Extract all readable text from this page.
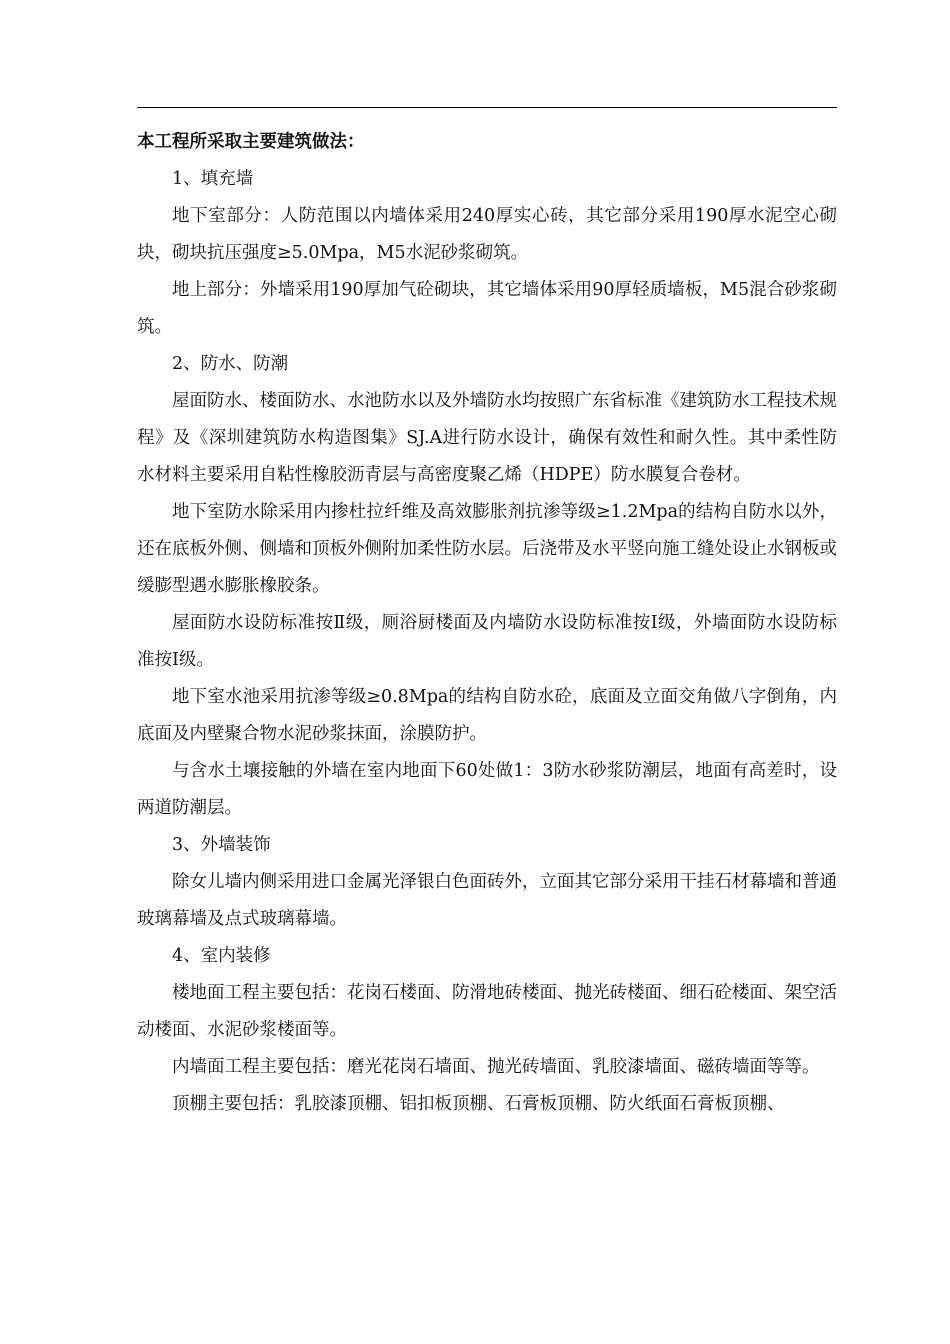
本工程所采取主要建筑做法：

1、填充墙

地下室部分：人防范围以内墙体采用240厚实心砖，其它部分采用190厚水泥空心砌块，砌块抗压强度≥5.0Mpa，M5水泥砂浆砌筑。

地上部分：外墙采用190厚加气砼砌块，其它墙体采用90厚轻质墙板，M5混合砂浆砌筑。

2、防水、防潮

屋面防水、楼面防水、水池防水以及外墙防水均按照广东省标准《建筑防水工程技术规程》及《深圳建筑防水构造图集》SJ.A进行防水设计，确保有效性和耐久性。其中柔性防水材料主要采用自粘性橡胶沥青层与高密度聚乙烯（HDPE）防水膜复合卷材。

地下室防水除采用内掺杜拉纤维及高效膨胀剂抗渗等级≥1.2Mpa的结构自防水以外，还在底板外侧、侧墙和顶板外侧附加柔性防水层。后浇带及水平竖向施工缝处设止水钢板或缓膨型遇水膨胀橡胶条。

屋面防水设防标准按Ⅱ级，厕浴厨楼面及内墙防水设防标准按Ⅰ级，外墙面防水设防标准按Ⅰ级。

地下室水池采用抗渗等级≥0.8Mpa的结构自防水砼，底面及立面交角做八字倒角，内底面及内壁聚合物水泥砂浆抹面，涂膜防护。

与含水土壤接触的外墙在室内地面下60处做1：3防水砂浆防潮层，地面有高差时，设两道防潮层。

3、外墙装饰

除女儿墙内侧采用进口金属光泽银白色面砖外，立面其它部分采用干挂石材幕墙和普通玻璃幕墙及点式玻璃幕墙。

4、室内装修

楼地面工程主要包括：花岗石楼面、防滑地砖楼面、抛光砖楼面、细石砼楼面、架空活动楼面、水泥砂浆楼面等。

内墙面工程主要包括：磨光花岗石墙面、抛光砖墙面、乳胶漆墙面、磁砖墙面等等。

顶棚主要包括：乳胶漆顶棚、铝扣板顶棚、石膏板顶棚、防火纸面石膏板顶棚、
